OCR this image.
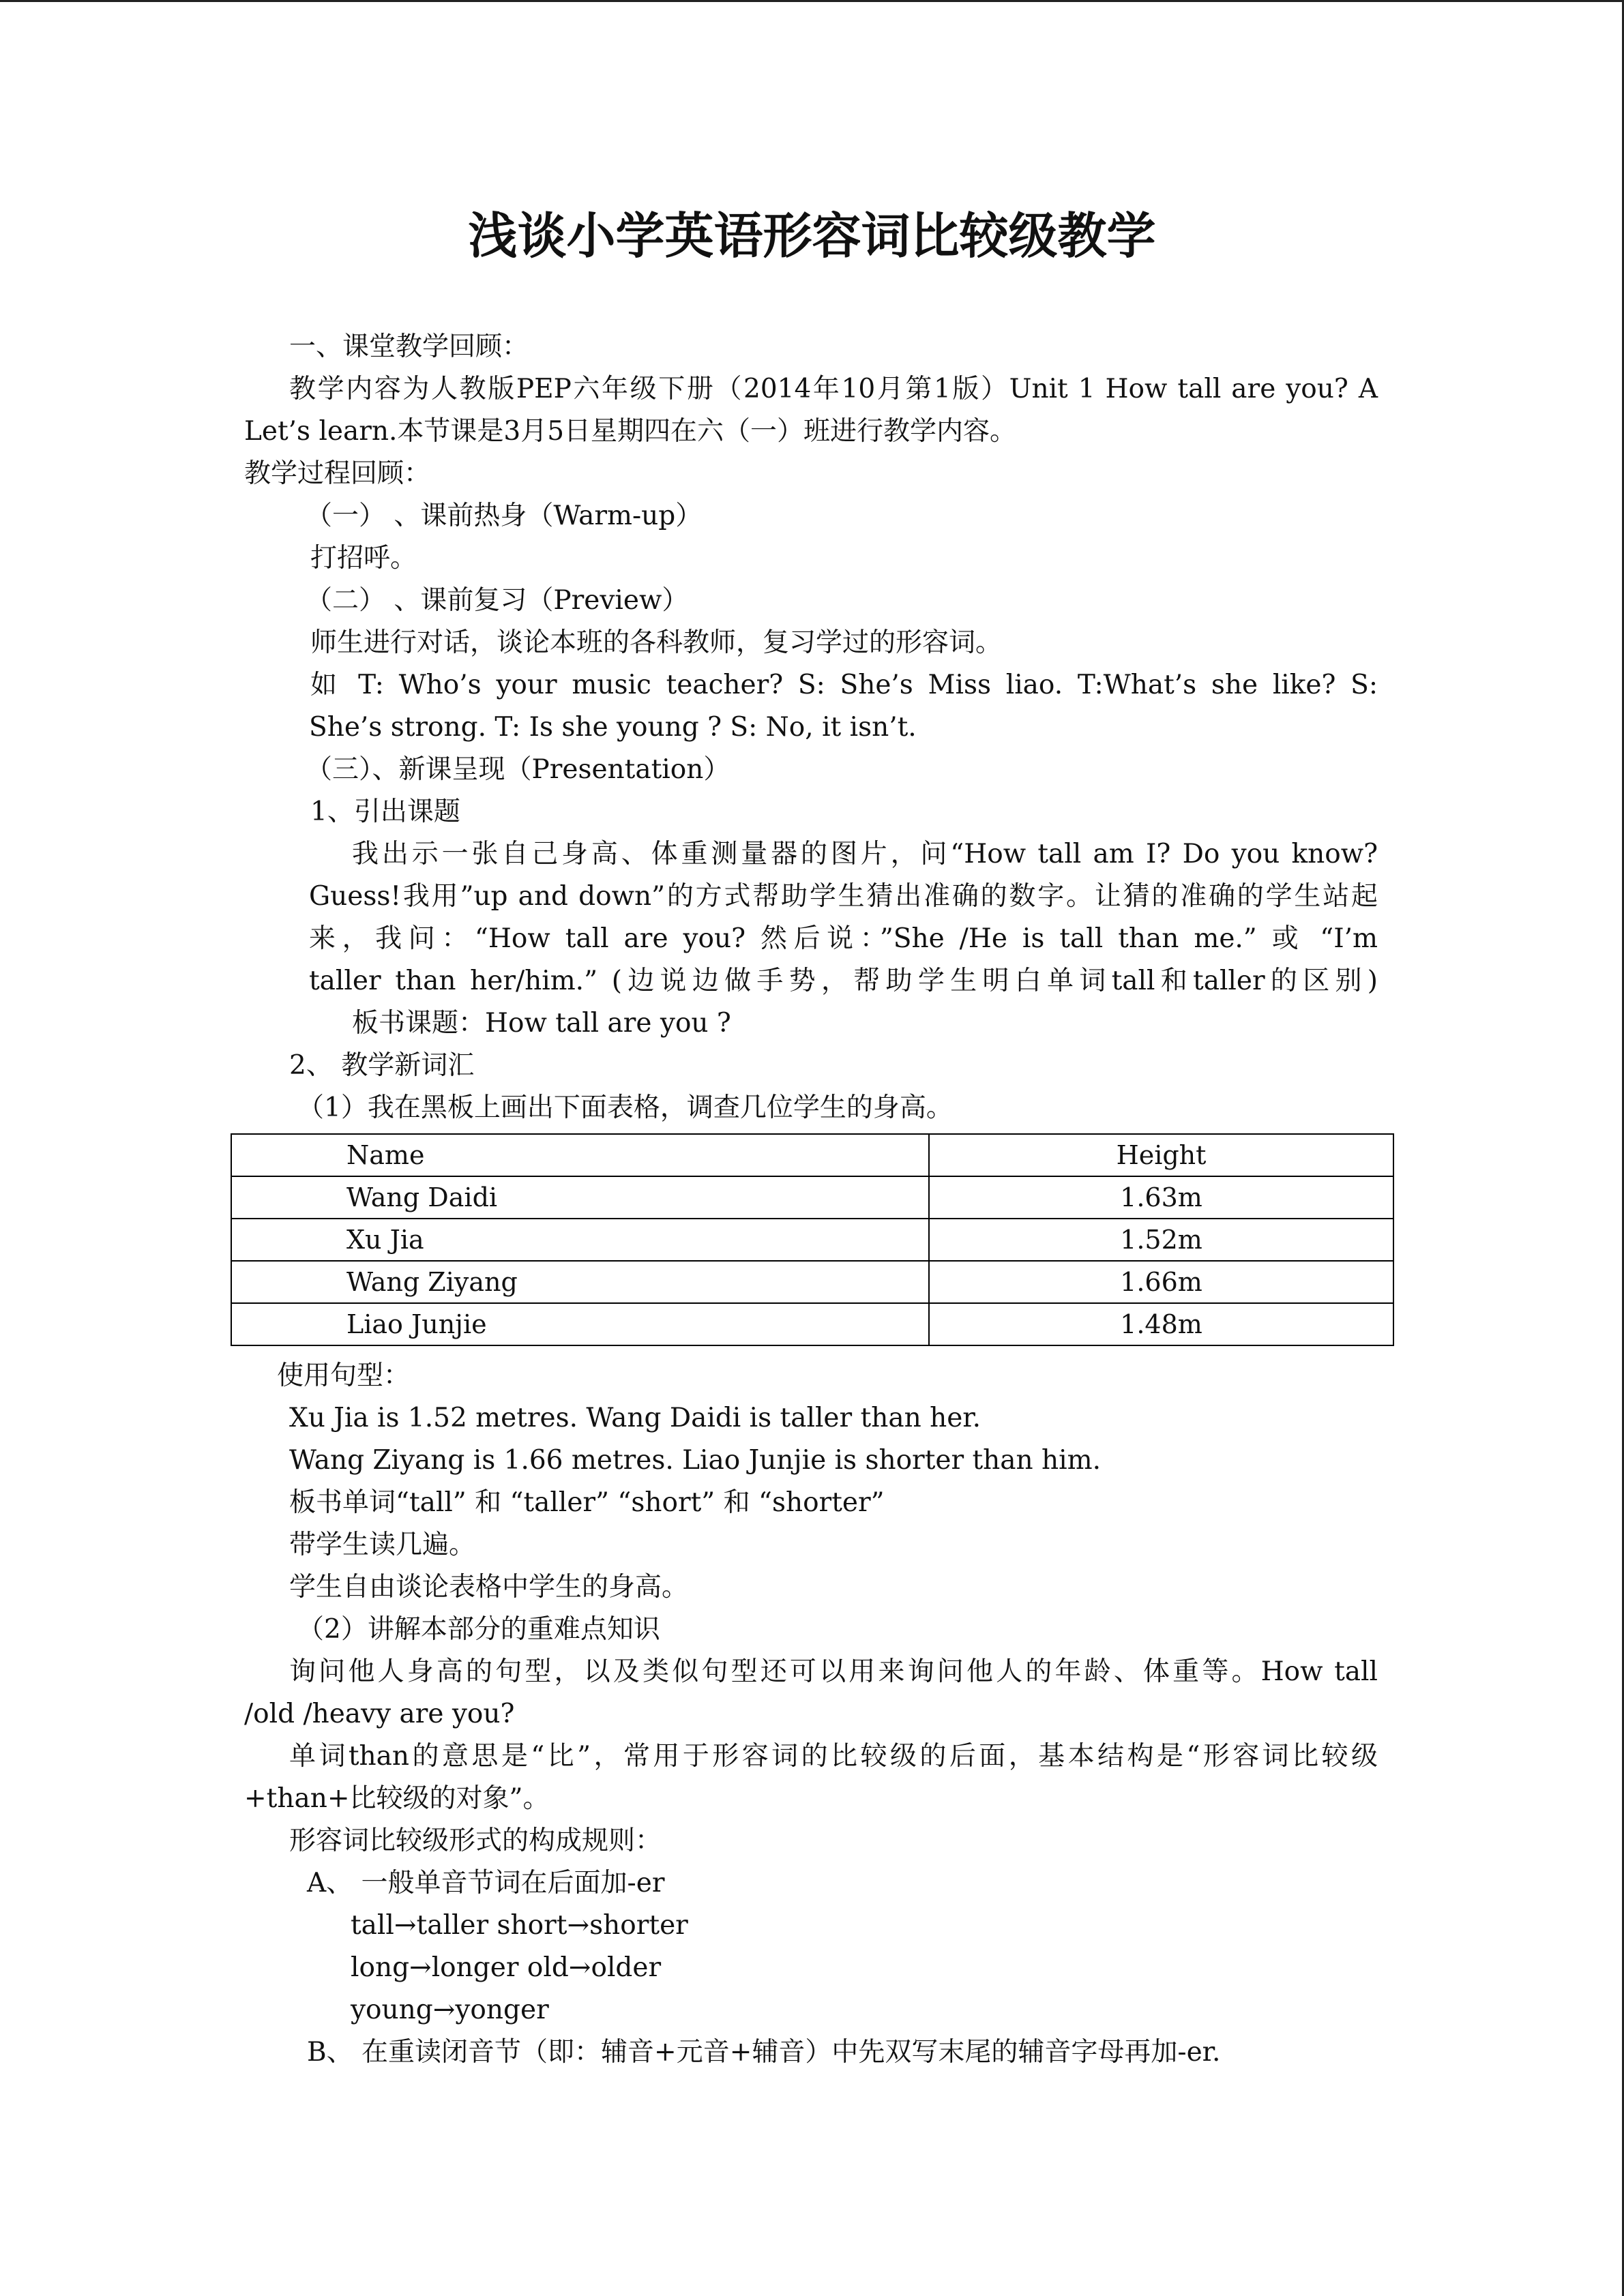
浅谈小学英语形容词比较级教学
一、课堂教学回顾：
教学内容为人教版PEP六年级下册（2014年10月第1版）Unit 1 How tall are you? A
Let’s learn.本节课是3月5日星期四在六（一）班进行教学内容。
教学过程回顾：
（一） 、课前热身（Warm-up）
打招呼。
（二） 、课前复习（Preview）
师生进行对话，谈论本班的各科教师，复习学过的形容词。
如 T: Who’s your music teacher? S: She’s Miss liao. T:What’s she like? S:
She’s strong. T: Is she young ? S: No, it isn’t.
（三）、新课呈现（Presentation）
1、引出课题
我出示一张自己身高、体重测量器的图片，问“How tall am I? Do you know?
Guess!我用”up and down”的方式帮助学生猜出准确的数字。让猜的准确的学生站起
来，我问：“How tall are you? 然后说：”She /He is tall than me.” 或 “I’m
taller than her/him.” (边说边做手势，帮助学生明白单词tall和taller的区别)
板书课题：How tall are you ?
2、 教学新词汇
（1）我在黑板上画出下面表格，调查几位学生的身高。
Name	Height
Wang Daidi	1.63m
Xu Jia	1.52m
Wang Ziyang	1.66m
Liao Junjie	1.48m
使用句型：
Xu Jia is 1.52 metres. Wang Daidi is taller than her.
Wang Ziyang is 1.66 metres. Liao Junjie is shorter than him.
板书单词“tall” 和 “taller” “short” 和 “shorter”
带学生读几遍。
学生自由谈论表格中学生的身高。
（2）讲解本部分的重难点知识
询问他人身高的句型，以及类似句型还可以用来询问他人的年龄、体重等。How tall
/old /heavy are you?
单词than的意思是“比”，常用于形容词的比较级的后面，基本结构是“形容词比较级
+than+比较级的对象”。
形容词比较级形式的构成规则：
A、 一般单音节词在后面加-er
tall→taller short→shorter
long→longer old→older
young→yonger
B、 在重读闭音节（即：辅音+元音+辅音）中先双写末尾的辅音字母再加-er.
